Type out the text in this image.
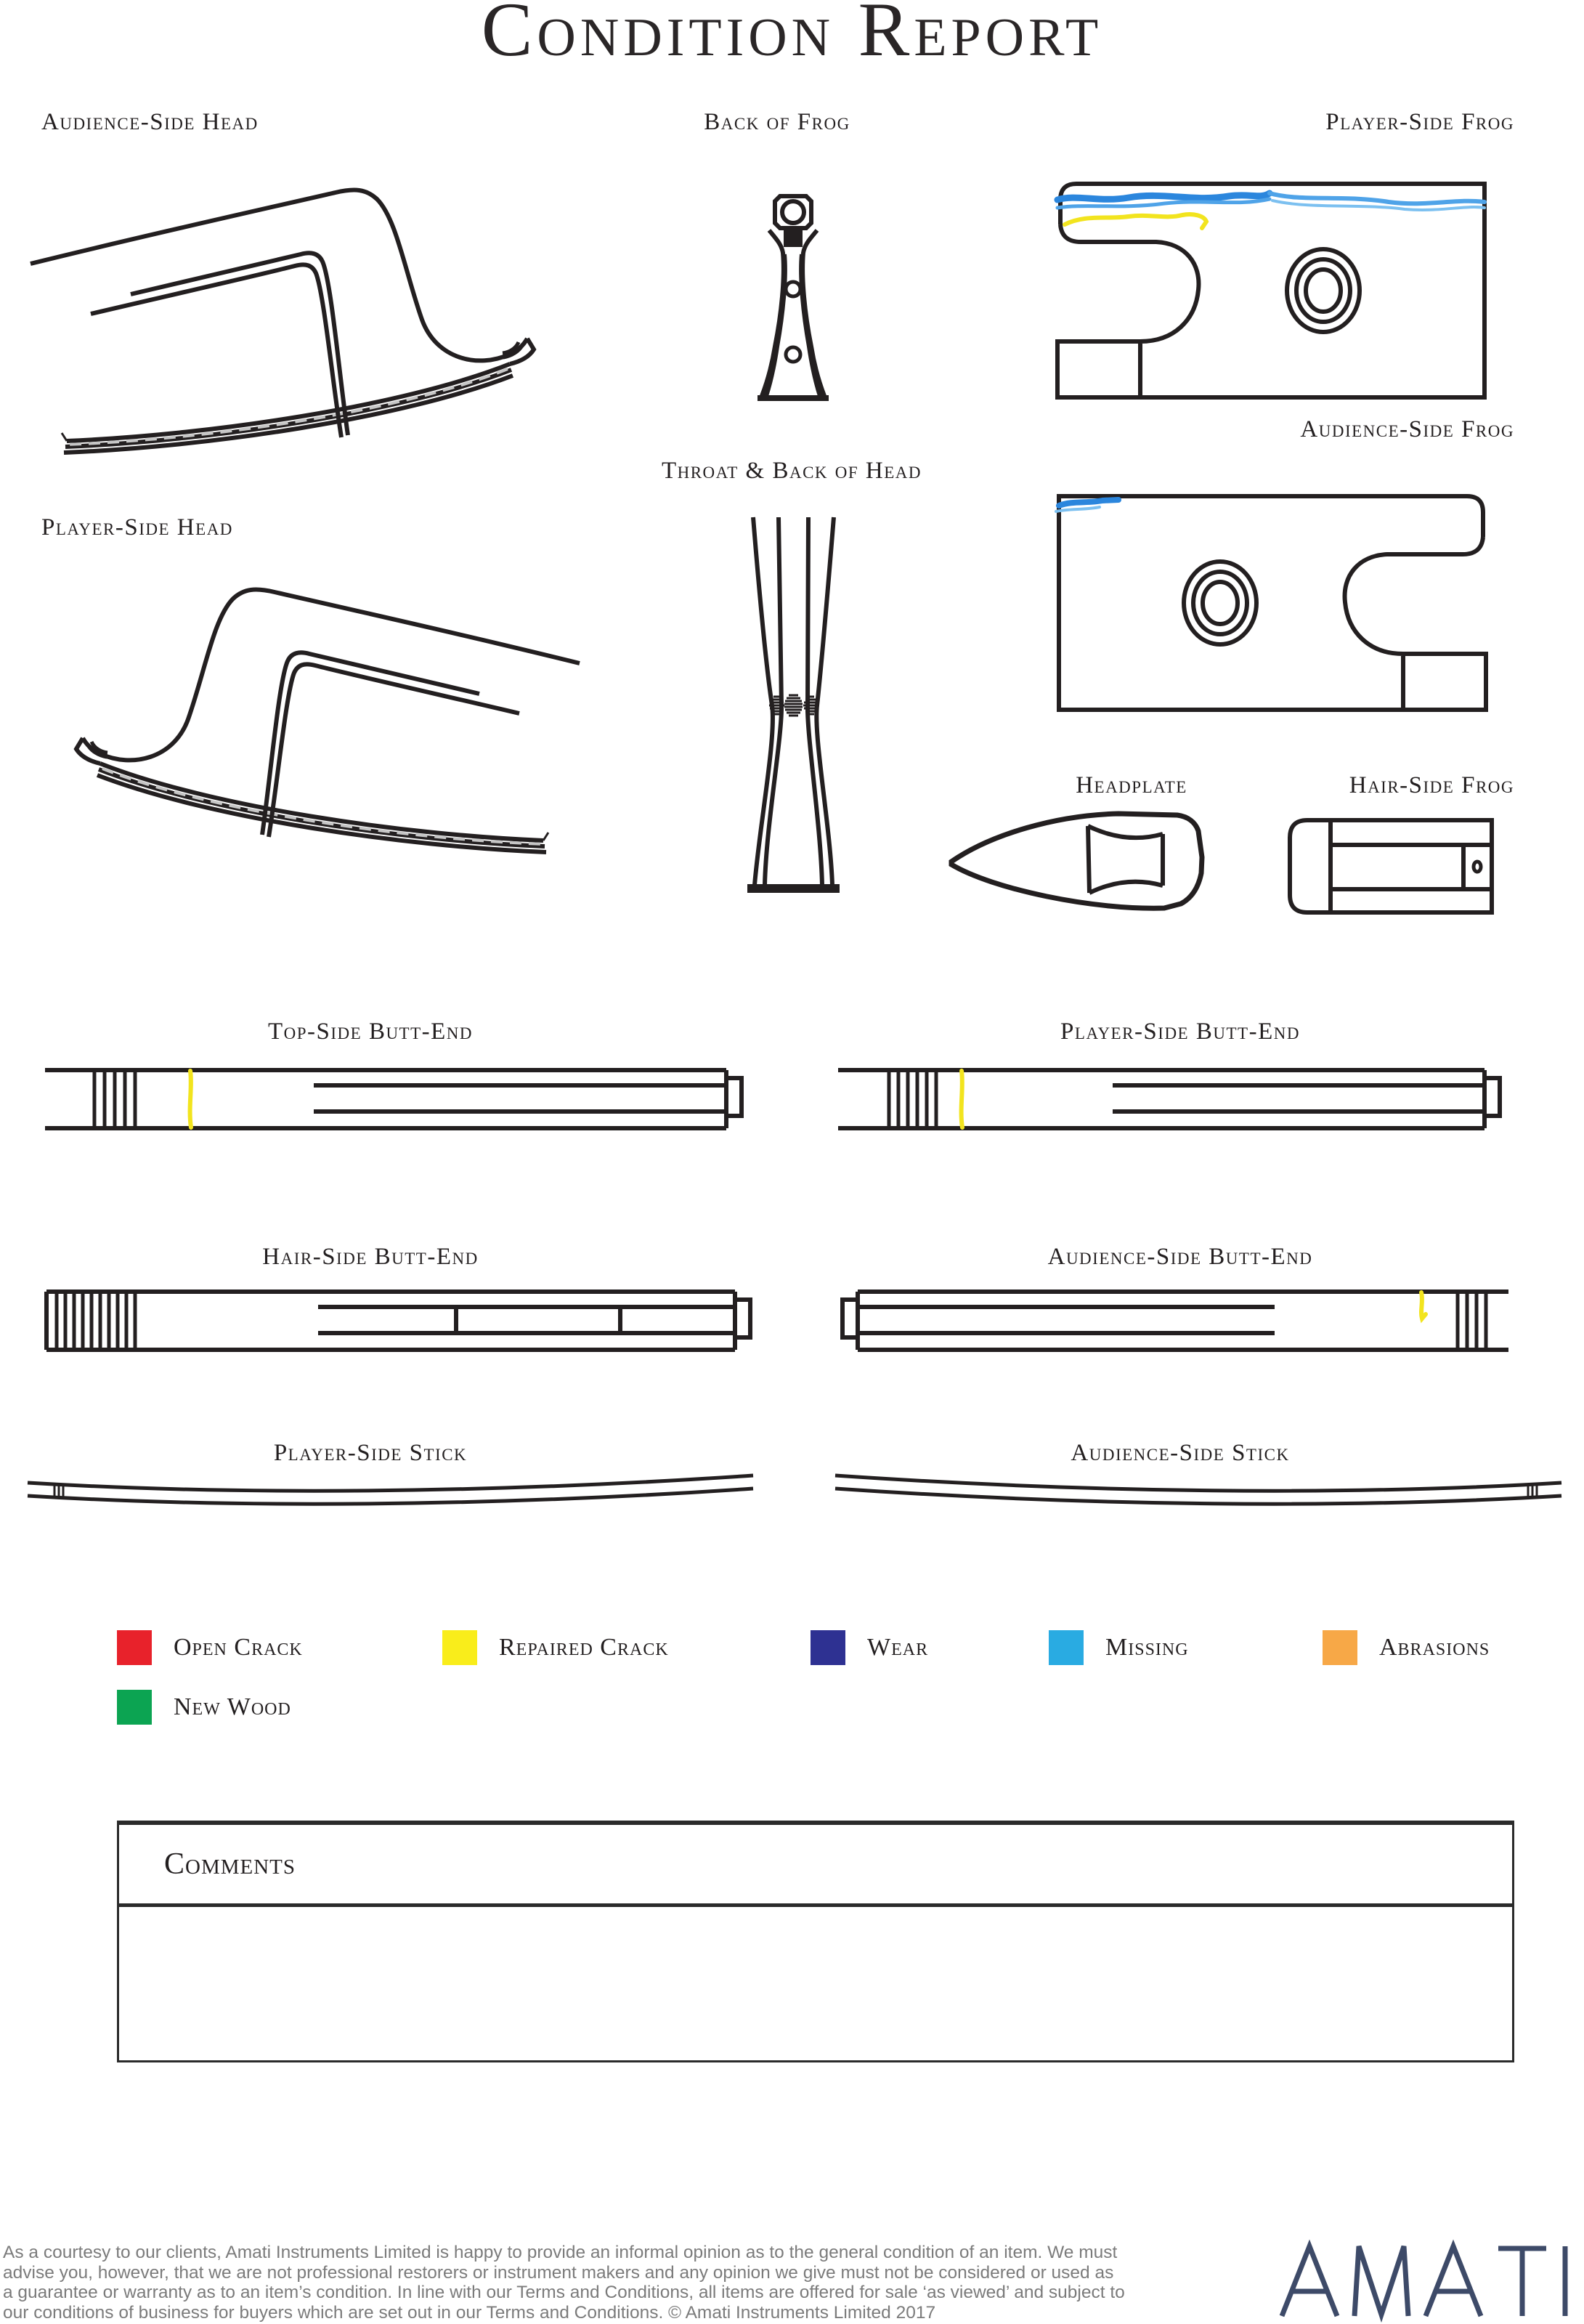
Condition Report
Audience-Side Head	Back of Frog	Player-Side Frog
Audience-Side Frog
Player-Side Head
Throat & Back of Head
Headplate	Hair-Side Frog
Top-Side Butt-End	Player-Side Butt-End
Hair-Side Butt-End	Audience-Side Butt-End
Player-Side Stick	Audience-Side Stick
Open Crack	Repaired Crack	Wear	Missing	Abrasions
New Wood
Comments
As a courtesy to our clients, Amati Instruments Limited is happy to provide an informal opinion as to the general condition of an item. We must
advise you, however, that we are not professional restorers or instrument makers and any opinion we give must not be considered or used as
a guarantee or warranty as to an item’s condition. In line with our Terms and Conditions, all items are offered for sale ‘as viewed’ and subject to
our conditions of business for buyers which are set out in our Terms and Conditions. © Amati Instruments Limited 2017
